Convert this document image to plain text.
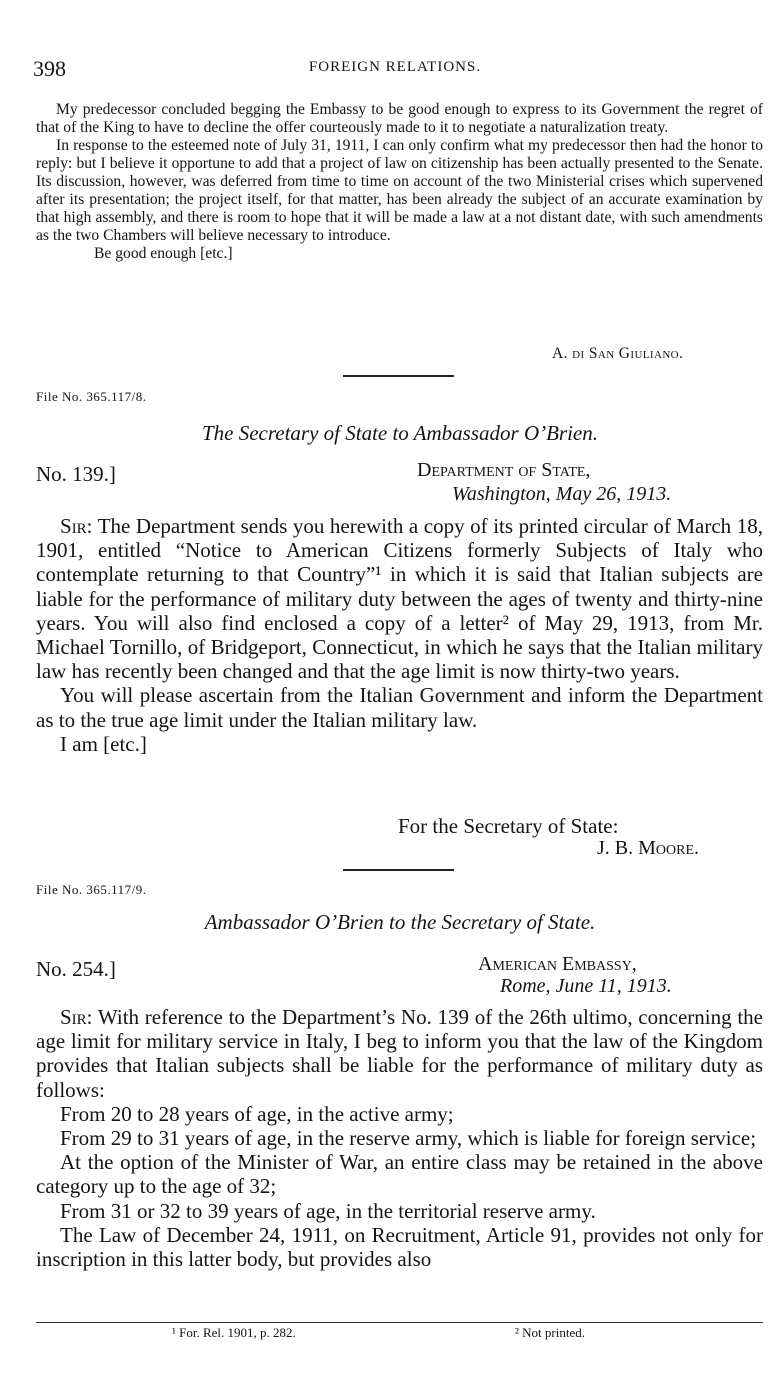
398	FOREIGN RELATIONS.

My predecessor concluded begging the Embassy to be good enough to express to its Government the regret of that of the King to have to decline the offer courteously made to it to negotiate a naturalization treaty.

In response to the esteemed note of July 31, 1911, I can only confirm what my predecessor then had the honor to reply: but I believe it opportune to add that a project of law on citizenship has been actually presented to the Senate. Its discussion, however, was deferred from time to time on account of the two Ministerial crises which supervened after its presentation; the project itself, for that matter, has been already the subject of an accurate examination by that high assembly, and there is room to hope that it will be made a law at a not distant date, with such amendments as the two Chambers will believe necessary to introduce.

Be good enough [etc.]

A. di San Giuliano.
File No. 365.117/8.
The Secretary of State to Ambassador O’Brien.
No. 139.]	Department of State,
Washington, May 26, 1913.

Sir: The Department sends you herewith a copy of its printed circular of March 18, 1901, entitled “Notice to American Citizens formerly Subjects of Italy who contemplate returning to that Country”¹ in which it is said that Italian subjects are liable for the performance of military duty between the ages of twenty and thirty-nine years. You will also find enclosed a copy of a letter² of May 29, 1913, from Mr. Michael Tornillo, of Bridgeport, Connecticut, in which he says that the Italian military law has recently been changed and that the age limit is now thirty-two years.

You will please ascertain from the Italian Government and inform the Department as to the true age limit under the Italian military law.

I am [etc.]

For the Secretary of State:
J. B. Moore.
File No. 365.117/9.
Ambassador O’Brien to the Secretary of State.
No. 254.]	American Embassy,
Rome, June 11, 1913.

Sir: With reference to the Department’s No. 139 of the 26th ultimo, concerning the age limit for military service in Italy, I beg to inform you that the law of the Kingdom provides that Italian subjects shall be liable for the performance of military duty as follows:

From 20 to 28 years of age, in the active army;

From 29 to 31 years of age, in the reserve army, which is liable for foreign service;

At the option of the Minister of War, an entire class may be retained in the above category up to the age of 32;

From 31 or 32 to 39 years of age, in the territorial reserve army.

The Law of December 24, 1911, on Recruitment, Article 91, provides not only for inscription in this latter body, but provides also

¹ For. Rel. 1901, p. 282.	² Not printed.
